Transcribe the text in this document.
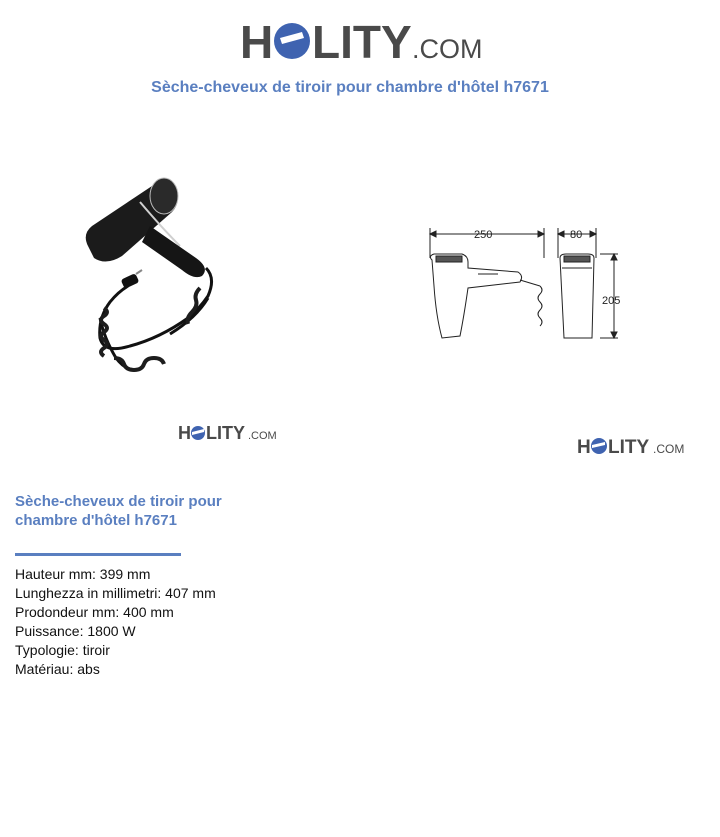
H LITY .COM
Sèche-cheveux de tiroir pour chambre d'hôtel h7671
250	80
205
H LITY .COM
H LITY .COM
Sèche-cheveux de tiroir pour chambre d'hôtel h7671
Hauteur mm: 399 mm
Lunghezza in millimetri: 407 mm
Prodondeur mm: 400 mm
Puissance: 1800 W
Typologie: tiroir
Matériau: abs
